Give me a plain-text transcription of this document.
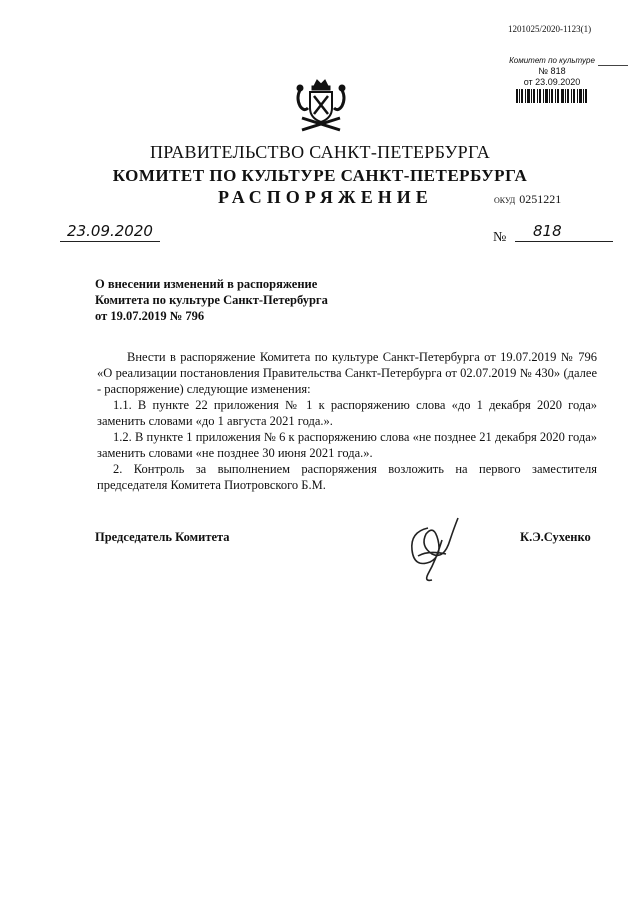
1201025/2020-1123(1)
Комитет по культуре
№ 818
от 23.09.2020
ПРАВИТЕЛЬСТВО САНКТ-ПЕТЕРБУРГА
КОМИТЕТ ПО КУЛЬТУРЕ САНКТ-ПЕТЕРБУРГА
РАСПОРЯЖЕНИЕ	ОКУД 0251221
23.09.2020	№	818
О внесении изменений в распоряжение
Комитета по культуре Санкт-Петербурга
от 19.07.2019 № 796

Внести в распоряжение Комитета по культуре Санкт-Петербурга от 19.07.2019 № 796 «О реализации постановления Правительства Санкт-Петербурга от 02.07.2019 № 430» (далее - распоряжение) следующие изменения:

1.1. В пункте 22 приложения № 1 к распоряжению слова «до 1 декабря 2020 года» заменить словами «до 1 августа 2021 года.».

1.2. В пункте 1 приложения № 6 к распоряжению слова «не позднее 21 декабря 2020 года» заменить словами «не позднее 30 июня 2021 года.».

2. Контроль за выполнением распоряжения возложить на первого заместителя председателя Комитета Пиотровского Б.М.

Председатель Комитета	К.Э.Сухенко
